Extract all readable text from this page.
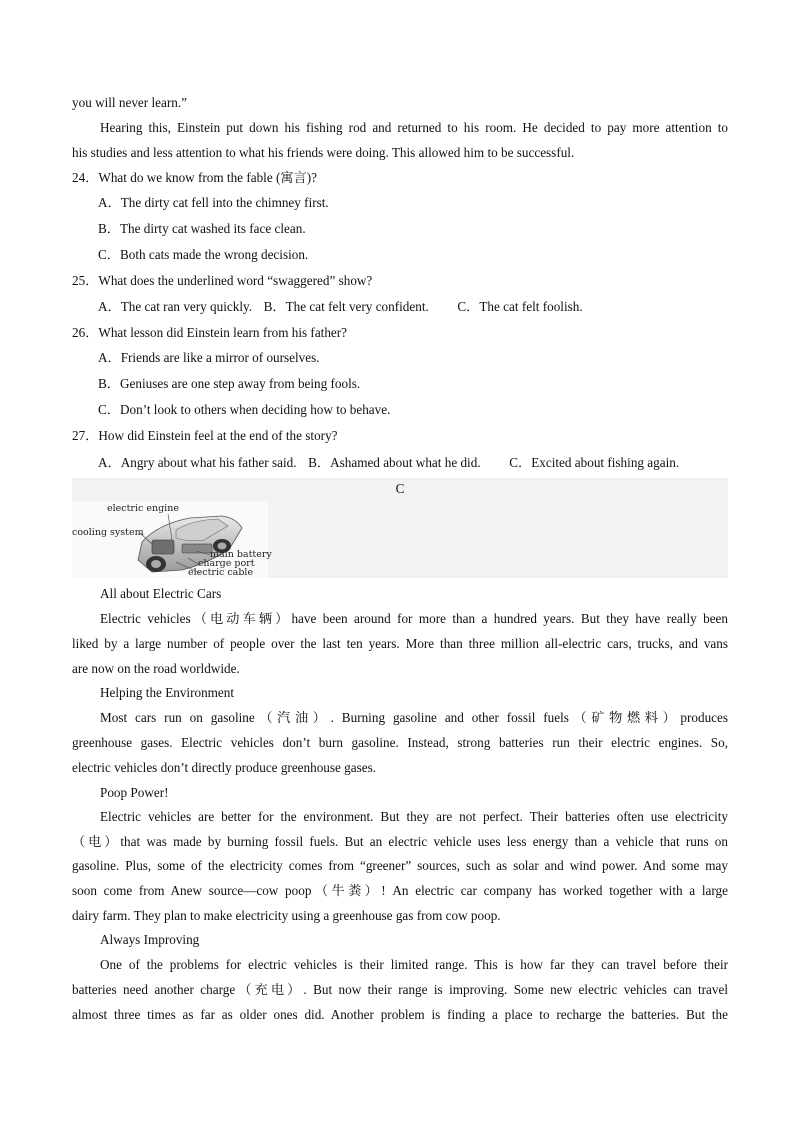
you will never learn.”
Hearing this, Einstein put down his fishing rod and returned to his room. He decided to pay more attention to
his studies and less attention to what his friends were doing. This allowed him to be successful.
24．What do we know from the fable (寓言)?
A．The dirty cat fell into the chimney first.
B．The dirty cat washed its face clean.
C．Both cats made the wrong decision.
25．What does the underlined word “swaggered” show?
A．The cat ran very quickly. B．The cat felt very confident. C．The cat felt foolish.
26．What lesson did Einstein learn from his father?
A．Friends are like a mirror of ourselves.
B．Geniuses are one step away from being fools.
C．Don’t look to others when deciding how to behave.
27．How did Einstein feel at the end of the story?
A．Angry about what his father said. B．Ashamed about what he did. C．Excited about fishing again.
C
electric engine
cooling system
main battery
charge port
electric cable
All about Electric Cars
Electric vehicles（电动车辆）have been around for more than a hundred years. But they have really been
liked by a large number of people over the last ten years. More than three million all-electric cars, trucks, and vans
are now on the road worldwide.
Helping the Environment
Most cars run on gasoline（汽油）. Burning gasoline and other fossil fuels（矿物燃料）produces
greenhouse gases. Electric vehicles don’t burn gasoline. Instead, strong batteries run their electric engines. So,
electric vehicles don’t directly produce greenhouse gases.
Poop Power!
Electric vehicles are better for the environment. But they are not perfect. Their batteries often use electricity
（电）that was made by burning fossil fuels. But an electric vehicle uses less energy than a vehicle that runs on
gasoline. Plus, some of the electricity comes from “greener” sources, such as solar and wind power. And some may
soon come from Anew source—cow poop（牛粪）! An electric car company has worked together with a large
dairy farm. They plan to make electricity using a greenhouse gas from cow poop.
Always Improving
One of the problems for electric vehicles is their limited range. This is how far they can travel before their
batteries need another charge（充电）. But now their range is improving. Some new electric vehicles can travel
almost three times as far as older ones did. Another problem is finding a place to recharge the batteries. But the
